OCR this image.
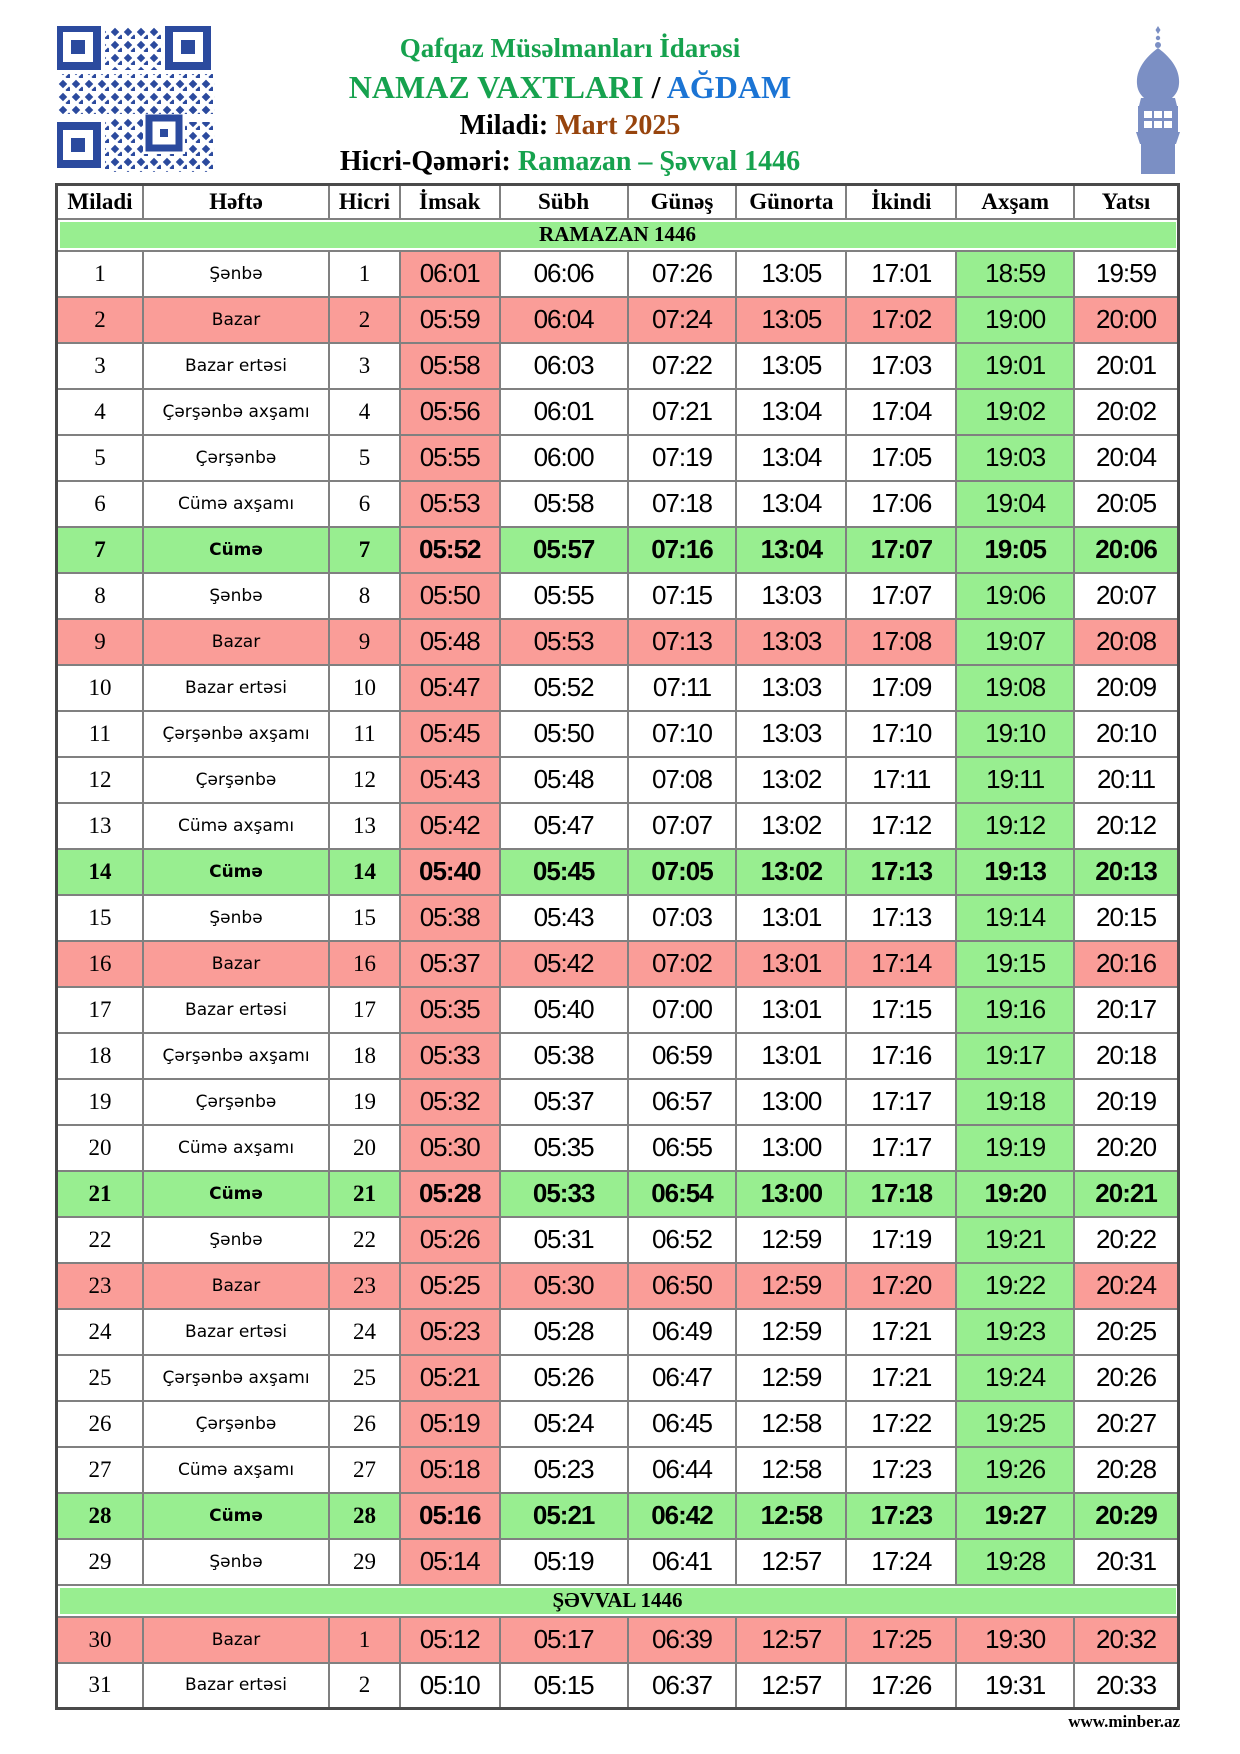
Qafqaz Müsəlmanları İdarəsi
NAMAZ VAXTLARI / AĞDAM
Miladi: Mart 2025
Hicri-Qəməri: Ramazan – Şəvval 1446
Miladi	Həftə	Hicri	İmsak	Sübh	Günəş	Günorta	İkindi	Axşam	Yatsı
RAMAZAN 1446									
1	Şənbə	1	06:01	06:06	07:26	13:05	17:01	18:59	19:59
2	Bazar	2	05:59	06:04	07:24	13:05	17:02	19:00	20:00
3	Bazar ertəsi	3	05:58	06:03	07:22	13:05	17:03	19:01	20:01
4	Çərşənbə axşamı	4	05:56	06:01	07:21	13:04	17:04	19:02	20:02
5	Çərşənbə	5	05:55	06:00	07:19	13:04	17:05	19:03	20:04
6	Cümə axşamı	6	05:53	05:58	07:18	13:04	17:06	19:04	20:05
7	Cümə	7	05:52	05:57	07:16	13:04	17:07	19:05	20:06
8	Şənbə	8	05:50	05:55	07:15	13:03	17:07	19:06	20:07
9	Bazar	9	05:48	05:53	07:13	13:03	17:08	19:07	20:08
10	Bazar ertəsi	10	05:47	05:52	07:11	13:03	17:09	19:08	20:09
11	Çərşənbə axşamı	11	05:45	05:50	07:10	13:03	17:10	19:10	20:10
12	Çərşənbə	12	05:43	05:48	07:08	13:02	17:11	19:11	20:11
13	Cümə axşamı	13	05:42	05:47	07:07	13:02	17:12	19:12	20:12
14	Cümə	14	05:40	05:45	07:05	13:02	17:13	19:13	20:13
15	Şənbə	15	05:38	05:43	07:03	13:01	17:13	19:14	20:15
16	Bazar	16	05:37	05:42	07:02	13:01	17:14	19:15	20:16
17	Bazar ertəsi	17	05:35	05:40	07:00	13:01	17:15	19:16	20:17
18	Çərşənbə axşamı	18	05:33	05:38	06:59	13:01	17:16	19:17	20:18
19	Çərşənbə	19	05:32	05:37	06:57	13:00	17:17	19:18	20:19
20	Cümə axşamı	20	05:30	05:35	06:55	13:00	17:17	19:19	20:20
21	Cümə	21	05:28	05:33	06:54	13:00	17:18	19:20	20:21
22	Şənbə	22	05:26	05:31	06:52	12:59	17:19	19:21	20:22
23	Bazar	23	05:25	05:30	06:50	12:59	17:20	19:22	20:24
24	Bazar ertəsi	24	05:23	05:28	06:49	12:59	17:21	19:23	20:25
25	Çərşənbə axşamı	25	05:21	05:26	06:47	12:59	17:21	19:24	20:26
26	Çərşənbə	26	05:19	05:24	06:45	12:58	17:22	19:25	20:27
27	Cümə axşamı	27	05:18	05:23	06:44	12:58	17:23	19:26	20:28
28	Cümə	28	05:16	05:21	06:42	12:58	17:23	19:27	20:29
29	Şənbə	29	05:14	05:19	06:41	12:57	17:24	19:28	20:31
ŞƏVVAL 1446									
30	Bazar	1	05:12	05:17	06:39	12:57	17:25	19:30	20:32
31	Bazar ertəsi	2	05:10	05:15	06:37	12:57	17:26	19:31	20:33
www.minber.az
